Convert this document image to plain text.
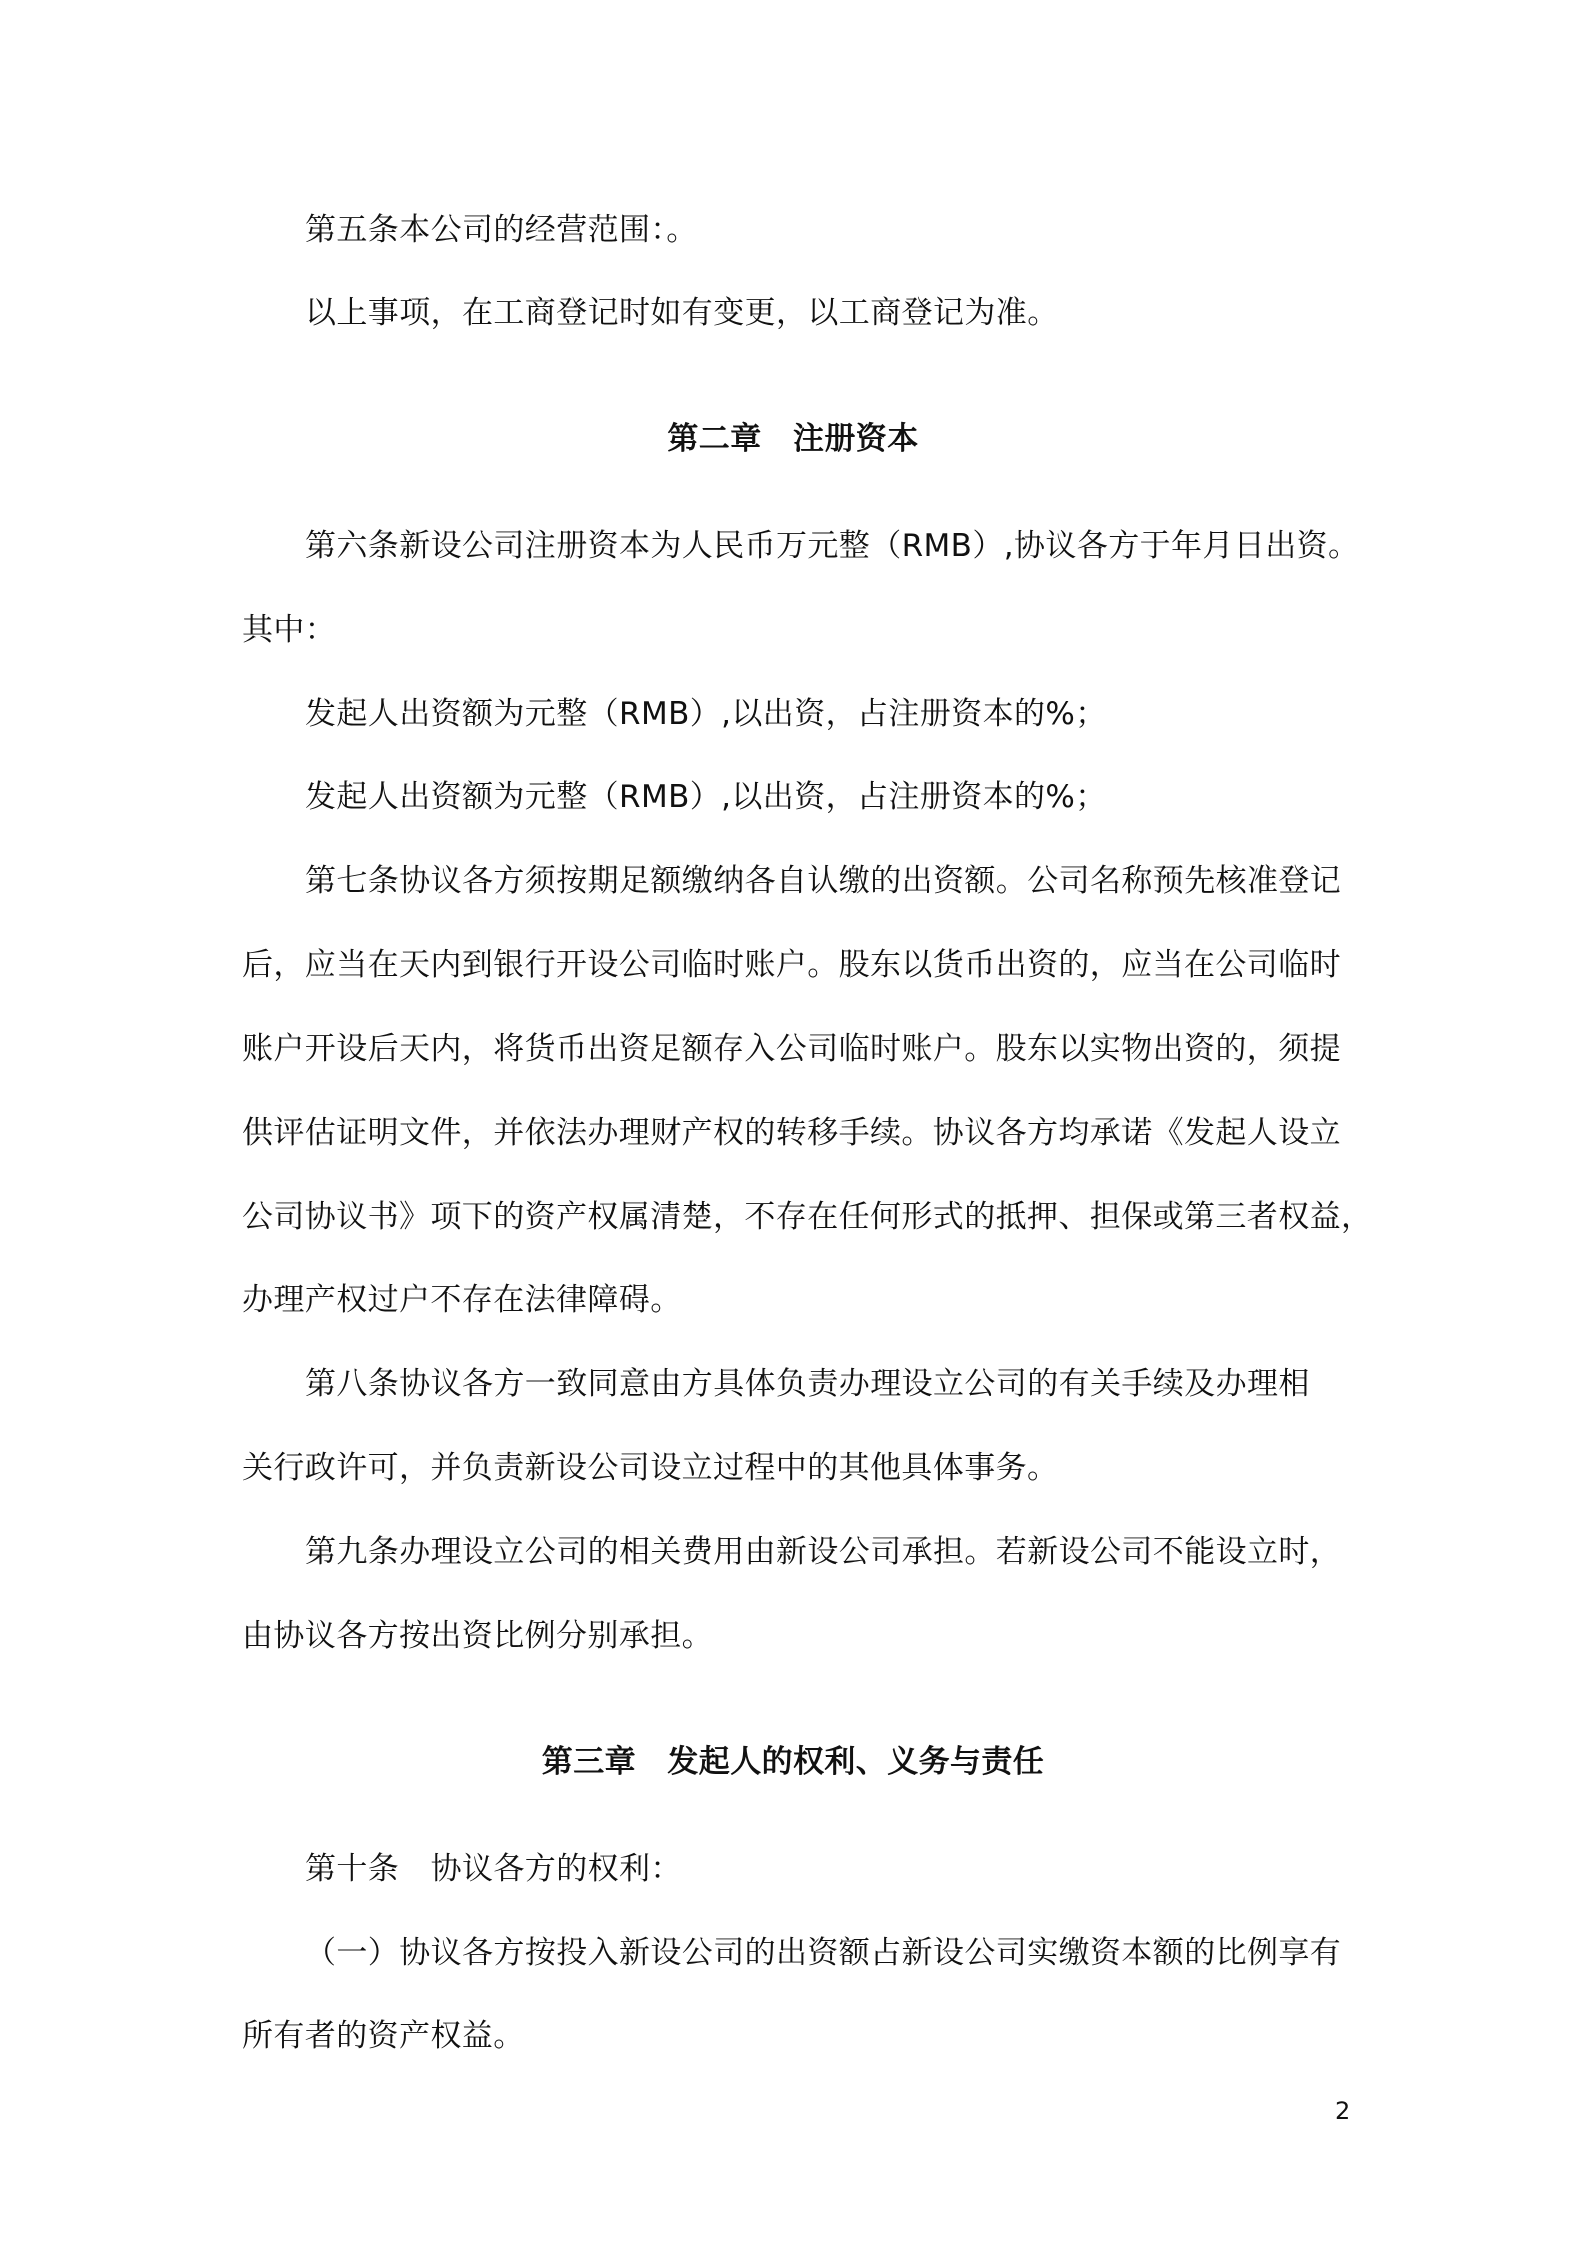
第五条本公司的经营范围：。
以上事项，在工商登记时如有变更，以工商登记为准。
第二章　注册资本
第六条新设公司注册资本为人民币万元整（RMB）,协议各方于年月日出资。
其中：
发起人出资额为元整（RMB）,以出资，占注册资本的%；
发起人出资额为元整（RMB）,以出资，占注册资本的%；
第七条协议各方须按期足额缴纳各自认缴的出资额。公司名称预先核准登记
后，应当在天内到银行开设公司临时账户。股东以货币出资的，应当在公司临时
账户开设后天内，将货币出资足额存入公司临时账户。股东以实物出资的，须提
供评估证明文件，并依法办理财产权的转移手续。协议各方均承诺《发起人设立
公司协议书》项下的资产权属清楚，不存在任何形式的抵押、担保或第三者权益，
办理产权过户不存在法律障碍。
第八条协议各方一致同意由方具体负责办理设立公司的有关手续及办理相
关行政许可，并负责新设公司设立过程中的其他具体事务。
第九条办理设立公司的相关费用由新设公司承担。若新设公司不能设立时，
由协议各方按出资比例分别承担。
第三章　发起人的权利、义务与责任
第十条　协议各方的权利：
（一）协议各方按投入新设公司的出资额占新设公司实缴资本额的比例享有
所有者的资产权益。
2
